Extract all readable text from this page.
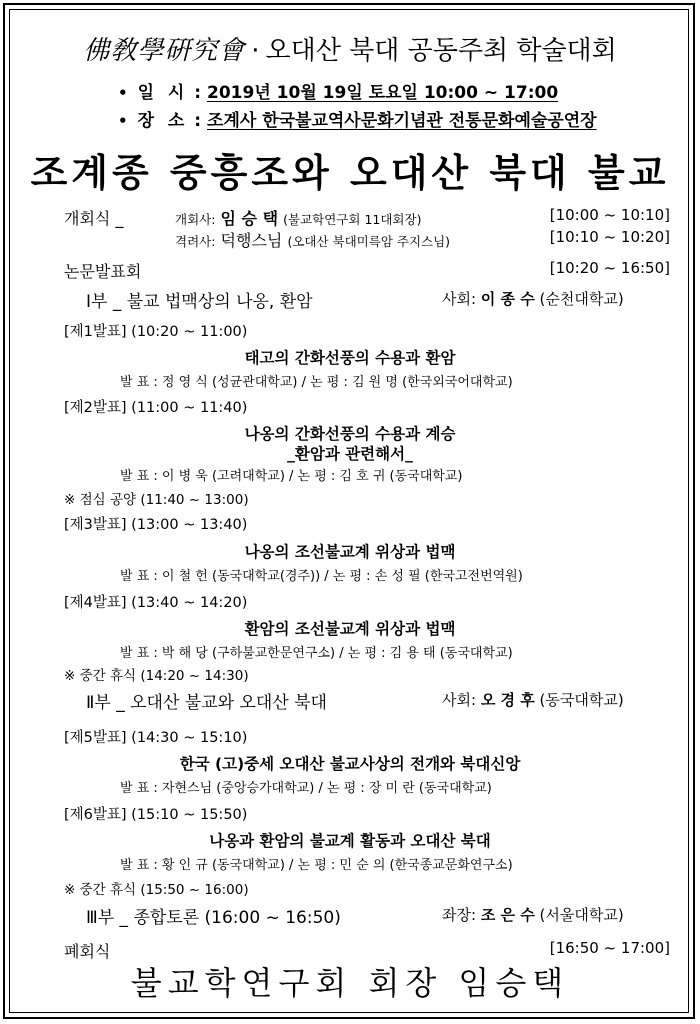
佛敎學硏究會 · 오대산 북대 공동주최 학술대회
• 일 시 : 2019년 10월 19일 토요일 10:00 ~ 17:00
• 장 소 : 조계사 한국불교역사문화기념관 전통문화예술공연장
조계종 중흥조와 오대산 북대 불교
개회식 _	개회사: 임 승 택 (불교학연구회 11대회장)	[10:00 ~ 10:10]
격려사: 덕행스님 (오대산 북대미륵암 주지스님)	[10:10 ~ 10:20]
논문발표회	[10:20 ~ 16:50]
Ⅰ부 _ 불교 법맥상의 나옹, 환암	사회: 이 종 수 (순천대학교)
[제1발표] (10:20 ~ 11:00)
태고의 간화선풍의 수용과 환암
발 표 : 정 영 식 (성균관대학교) / 논 평 : 김 원 명 (한국외국어대학교)
[제2발표] (11:00 ~ 11:40)
나옹의 간화선풍의 수용과 계승
_환암과 관련해서_
발 표 : 이 병 욱 (고려대학교) / 논 평 : 김 호 귀 (동국대학교)
※ 점심 공양 (11:40 ~ 13:00)
[제3발표] (13:00 ~ 13:40)
나옹의 조선불교계 위상과 법맥
발 표 : 이 철 헌 (동국대학교(경주)) / 논 평 : 손 성 필 (한국고전번역원)
[제4발표] (13:40 ~ 14:20)
환암의 조선불교계 위상과 법맥
발 표 : 박 해 당 (구하불교한문연구소) / 논 평 : 김 용 태 (동국대학교)
※ 중간 휴식 (14:20 ~ 14:30)
Ⅱ부 _ 오대산 불교와 오대산 북대	사회: 오 경 후 (동국대학교)
[제5발표] (14:30 ~ 15:10)
한국 (고)중세 오대산 불교사상의 전개와 북대신앙
발 표 : 자현스님 (중앙승가대학교) / 논 평 : 장 미 란 (동국대학교)
[제6발표] (15:10 ~ 15:50)
나옹과 환암의 불교계 활동과 오대산 북대
발 표 : 황 인 규 (동국대학교) / 논 평 : 민 순 의 (한국종교문화연구소)
※ 중간 휴식 (15:50 ~ 16:00)
Ⅲ부 _ 종합토론 (16:00 ~ 16:50)	좌장: 조 은 수 (서울대학교)
폐회식	[16:50 ~ 17:00]
불교학연구회 회장 임승택
